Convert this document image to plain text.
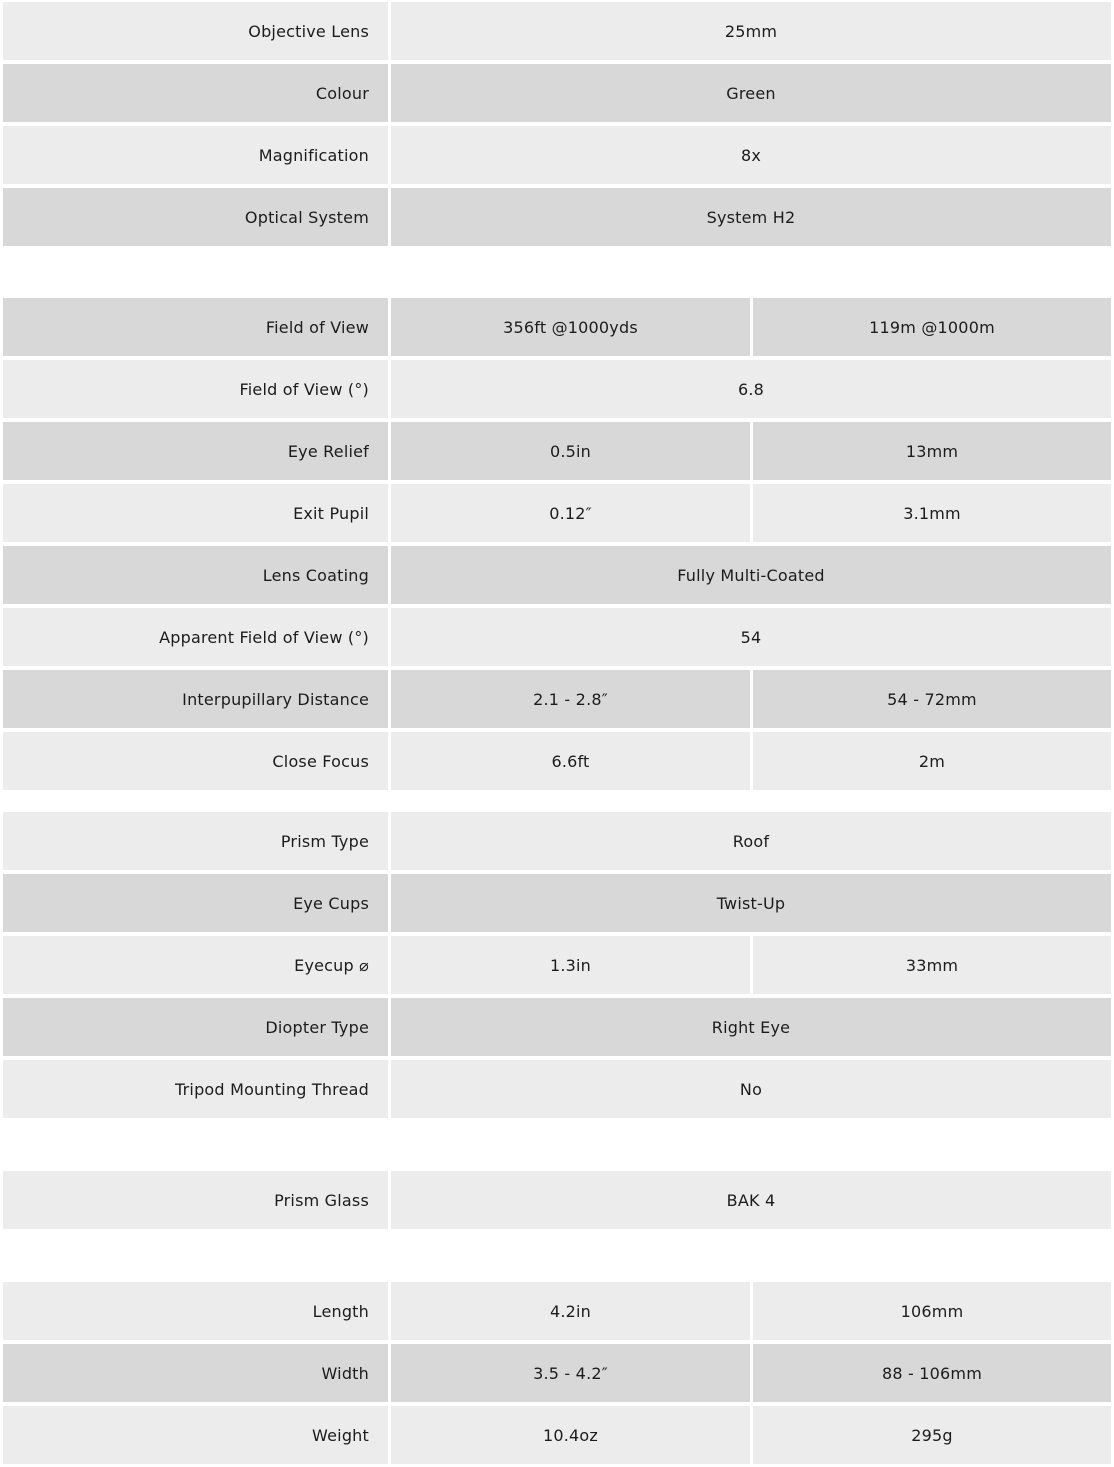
Objective Lens	25mm
Colour	Green
Magnification	8x
Optical System	System H2
Field of View	356ft @1000yds	119m @1000m
Field of View (°)	6.8
Eye Relief	0.5in	13mm
Exit Pupil	0.12″	3.1mm
Lens Coating	Fully Multi-Coated
Apparent Field of View (°)	54
Interpupillary Distance	2.1 - 2.8″	54 - 72mm
Close Focus	6.6ft	2m
Prism Type	Roof
Eye Cups	Twist-Up
Eyecup ⌀	1.3in	33mm
Diopter Type	Right Eye
Tripod Mounting Thread	No
Prism Glass	BAK 4
Length	4.2in	106mm
Width	3.5 - 4.2″	88 - 106mm
Weight	10.4oz	295g
